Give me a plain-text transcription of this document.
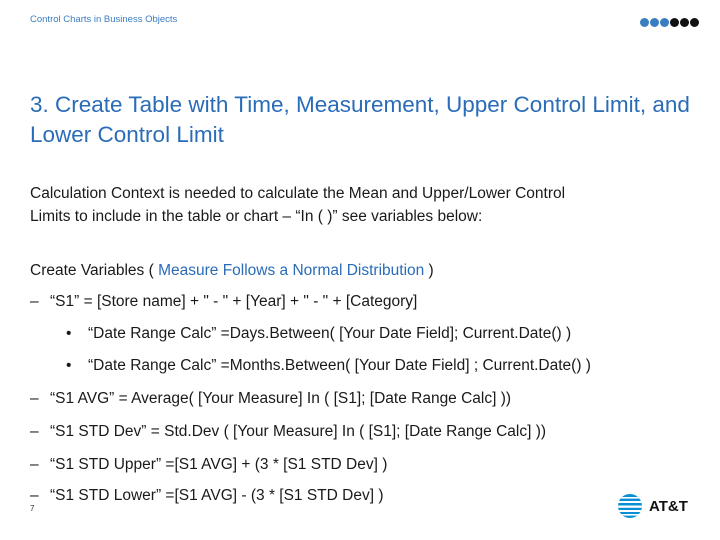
Control Charts in Business Objects
3. Create Table with Time, Measurement, Upper Control Limit, and Lower Control Limit
Calculation Context is needed to calculate the Mean and Upper/Lower Control
Limits to include in the table or chart – “In ( )” see variables below:
Create Variables ( Measure Follows a Normal Distribution )
– “S1” = [Store name] + " - " + [Year] + " - " + [Category]
• “Date Range Calc” =Days.Between( [Your Date Field]; Current.Date() )
• “Date Range Calc” =Months.Between( [Your Date Field] ; Current.Date() )
– “S1 AVG” = Average( [Your Measure] In ( [S1]; [Date Range Calc] ))
– “S1 STD Dev” = Std.Dev ( [Your Measure] In ( [S1]; [Date Range Calc] ))
– “S1 STD Upper” =[S1 AVG] + (3 * [S1 STD Dev] )
– “S1 STD Lower” =[S1 AVG] - (3 * [S1 STD Dev] )
7	AT&T
